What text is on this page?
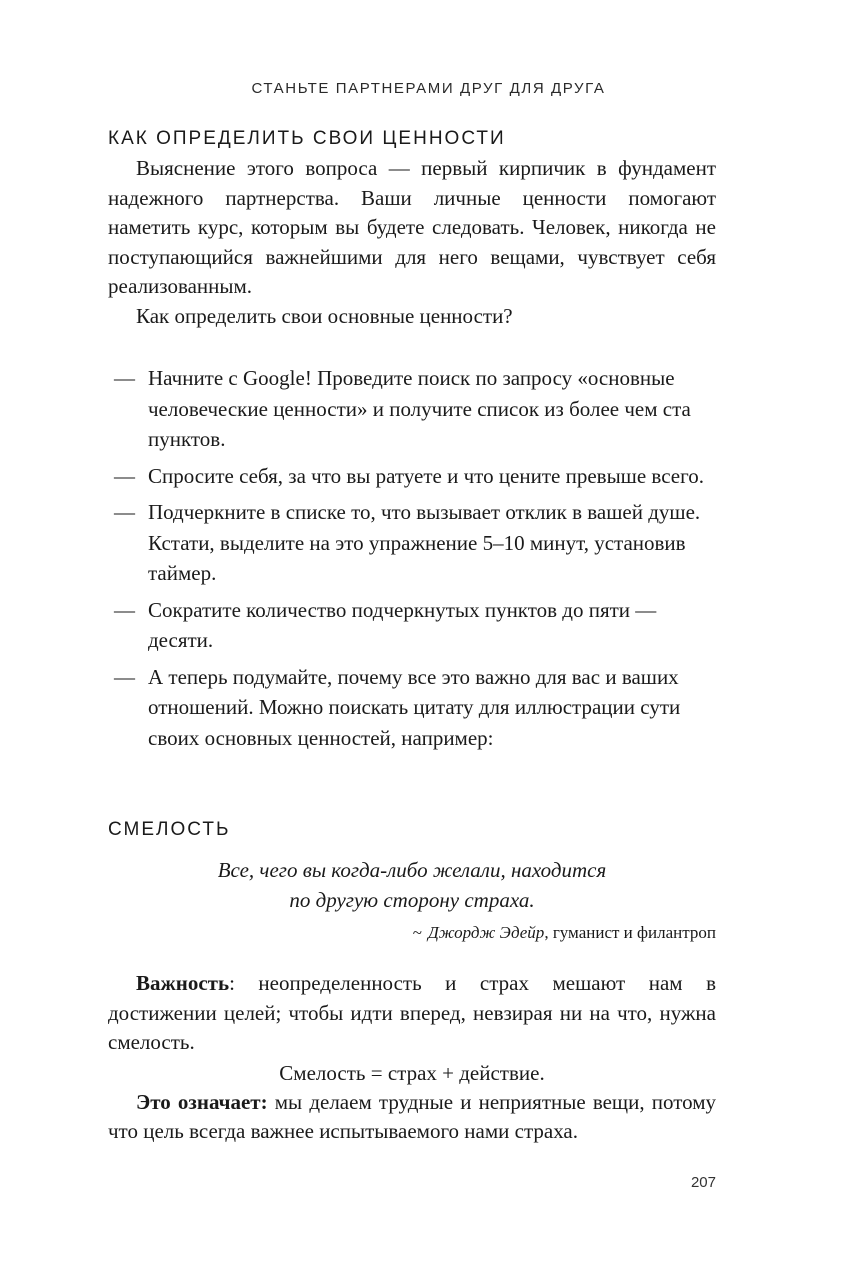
СТАНЬТЕ ПАРТНЕРАМИ ДРУГ ДЛЯ ДРУГА
КАК ОПРЕДЕЛИТЬ СВОИ ЦЕННОСТИ

Выяснение этого вопроса — первый кирпичик в фундамент надежного партнерства. Ваши личные ценности помогают наметить курс, которым вы будете следовать. Человек, никогда не поступающийся важнейшими для него вещами, чувствует себя реализованным.

Как определить свои основные ценности?

— Начните с Google! Проведите поиск по запросу «основные человеческие ценности» и получите список из более чем ста пунктов.
— Спросите себя, за что вы ратуете и что цените превыше всего.
— Подчеркните в списке то, что вызывает отклик в вашей душе. Кстати, выделите на это упражнение 5–10 минут, установив таймер.
— Сократите количество подчеркнутых пунктов до пяти — десяти.
— А теперь подумайте, почему все это важно для вас и ваших отношений. Можно поискать цитату для иллюстрации сути своих основных ценностей, например:
СМЕЛОСТЬ
Все, чего вы когда-либо желали, находится
по другую сторону страха.
~ Джордж Эдейр, гуманист и филантроп

Важность: неопределенность и страх мешают нам в достижении целей; чтобы идти вперед, невзирая ни на что, нужна смелость.

Смелость = страх + действие.

Это означает: мы делаем трудные и неприятные вещи, потому что цель всегда важнее испытываемого нами страха.

207
